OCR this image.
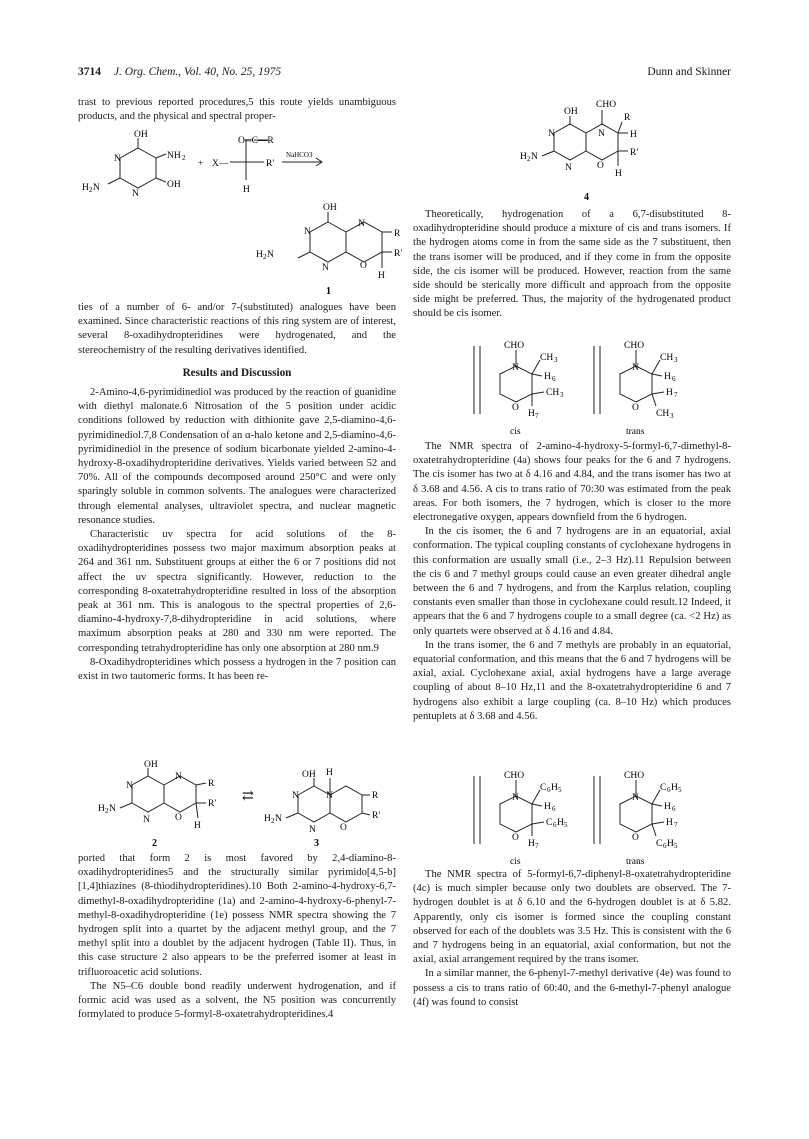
3714 J. Org. Chem., Vol. 40, No. 25, 1975	Dunn and Skinner

trast to previous reported procedures,5 this route yields unambiguous products, and the physical and spectral proper-

OH
N	NH 2
OH
H 2 N
N
+
O═C—R
X—	R′
H
NaHCO3
OH
N
N
R
R′
H 2 N
N	O
H
1

ties of a number of 6- and/or 7-(substituted) analogues have been examined. Since characteristic reactions of this ring system are of interest, several 8-oxadihydropteridines were hydrogenated, and the stereochemistry of the resulting derivatives identified.

Results and Discussion

2-Amino-4,6-pyrimidinediol was produced by the reaction of guanidine with diethyl malonate.6 Nitrosation of the 5 position under acidic conditions followed by reduction with dithionite gave 2,5-diamino-4,6-pyrimidinediol.7,8 Condensation of an α-halo ketone and 2,5-diamino-4,6-pyrimidinediol in the presence of sodium bicarbonate yielded 2-amino-4-hydroxy-8-oxadihydropteridine derivatives. Yields varied between 52 and 70%. All of the compounds decomposed around 250°C and were only sparingly soluble in common solvents. The analogues were characterized through elemental analyses, ultraviolet spectra, and nuclear magnetic resonance studies.

Characteristic uv spectra for acid solutions of the 8-oxadihydropteridines possess two major maximum absorption peaks at 264 and 361 nm. Substituent groups at either the 6 or 7 positions did not affect the uv spectra significantly. However, reduction to the corresponding 8-oxatetrahydropteridine resulted in loss of the absorption peak at 361 nm. This is analogous to the spectral properties of 2,6-diamino-4-hydroxy-7,8-dihydropteridine in acid solutions, where maximum absorption peaks at 280 and 330 nm were reported. The corresponding tetrahydropteridine has only one absorption at 280 nm.9

8-Oxadihydropteridines which possess a hydrogen in the 7 position can exist in two tautomeric forms. It has been re-

OH
N
N
R
R′
H 2 N
N	O
H
2
⇄
OH H
N	N	R
R′
H 2 N
N	O
3

ported that form 2 is most favored by 2,4-diamino-8-oxadihydropteridines5 and the structurally similar pyrimido[4,5-b][1,4]thiazines (8-thiodihydropteridines).10 Both 2-amino-4-hydroxy-6,7-dimethyl-8-oxadihydropteridine (1a) and 2-amino-4-hydroxy-6-phenyl-7-methyl-8-oxadihydropteridine (1e) possess NMR spectra showing the 7 hydrogen split into a quartet by the adjacent methyl group, and the 7 methyl split into a doublet by the adjacent hydrogen (Table II). Thus, in this case structure 2 also appears to be the preferred isomer at least in trifluoroacetic acid solutions.

The N5–C6 double bond readily underwent hydrogenation, and if formic acid was used as a solvent, the N5 position was concurrently formylated to produce 5-formyl-8-oxatetrahydropteridines.4

OH
CHO
R
N	N	H
R′
H 2 N
N	O
H
4

Theoretically, hydrogenation of a 6,7-disubstituted 8-oxadihydropteridine should produce a mixture of cis and trans isomers. If the hydrogen atoms come in from the same side as the 7 substituent, then the trans isomer will be produced, and if they come in from the opposite side, the cis isomer will be produced. However, reaction from the same side should be sterically more difficult and approach from the opposite side might be preferred. Thus, the majority of the hydrogenated product should be cis isomer.

CHO
N
CH 3
H 6
CH 3
O
H 7
cis
CHO
N
CH 3
H 6
H 7
O
CH 3
trans

The NMR spectra of 2-amino-4-hydroxy-5-formyl-6,7-dimethyl-8-oxatetrahydropteridine (4a) shows four peaks for the 6 and 7 hydrogens. The cis isomer has two at δ 4.16 and 4.84, and the trans isomer has two at δ 3.68 and 4.56. A cis to trans ratio of 70:30 was estimated from the peak areas. For both isomers, the 7 hydrogen, which is closer to the more electronegative oxygen, appears downfield from the 6 hydrogen.

In the cis isomer, the 6 and 7 hydrogens are in an equatorial, axial conformation. The typical coupling constants of cyclohexane hydrogens in this conformation are usually small (i.e., 2–3 Hz).11 Repulsion between the cis 6 and 7 methyl groups could cause an even greater dihedral angle between the 6 and 7 hydrogens, and from the Karplus relation, coupling constants even smaller than those in cyclohexane could result.12 Indeed, it appears that the 6 and 7 hydrogens couple to a small degree (ca. <2 Hz) as only quartets were observed at δ 4.16 and 4.84.

In the trans isomer, the 6 and 7 methyls are probably in an equatorial, equatorial conformation, and this means that the 6 and 7 hydrogens will be axial, axial. Cyclohexane axial, axial hydrogens have a large average coupling of about 8–10 Hz,11 and the 8-oxatetrahydropteridine 6 and 7 hydrogens also exhibit a large coupling (ca. 8–10 Hz) which produces pentuplets at δ 3.68 and 4.56.

CHO
N
C 6 H 5
H 6
C 6 H 5
O
H 7
cis
CHO
N
C 6 H 5
H 6
H 7
O
C 6 H 5
trans

The NMR spectra of 5-formyl-6,7-diphenyl-8-oxatetrahydropteridine (4c) is much simpler because only two doublets are observed. The 7-hydrogen doublet is at δ 6.10 and the 6-hydrogen doublet is at δ 5.82. Apparently, only cis isomer is formed since the coupling constant observed for each of the doublets was 3.5 Hz. This is consistent with the 6 and 7 hydrogens being in an equatorial, axial conformation, but not the axial, axial arrangement required by the trans isomer.

In a similar manner, the 6-phenyl-7-methyl derivative (4e) was found to possess a cis to trans ratio of 60:40, and the 6-methyl-7-phenyl analogue (4f) was found to consist
